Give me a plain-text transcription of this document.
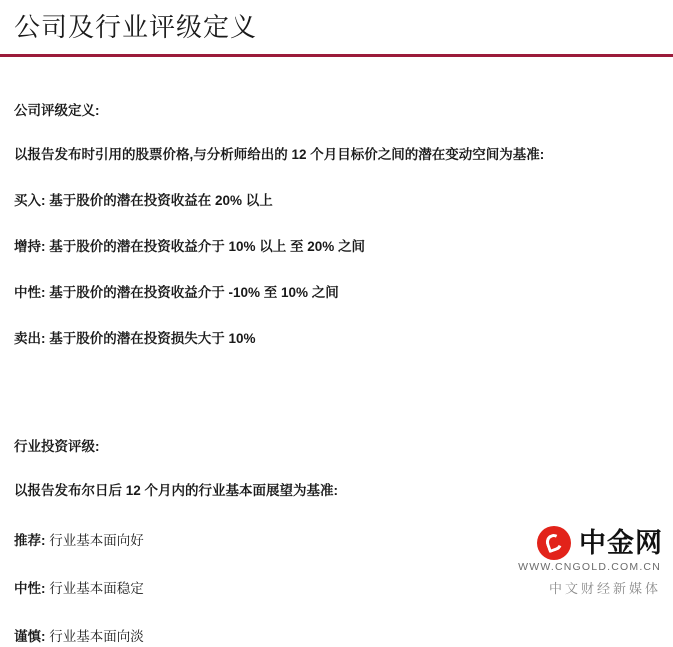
公司及行业评级定义
公司评级定义:
以报告发布时引用的股票价格,与分析师给出的 12 个月目标价之间的潜在变动空间为基准:
买入: 基于股价的潜在投资收益在 20% 以上
增持: 基于股价的潜在投资收益介于 10% 以上 至 20% 之间
中性: 基于股价的潜在投资收益介于 -10% 至 10% 之间
卖出: 基于股价的潜在投资损失大于 10%
行业投资评级:
以报告发布尔日后 12 个月内的行业基本面展望为基准:
推荐: 行业基本面向好
中性: 行业基本面稳定
谨慎: 行业基本面向淡
中金网
WWW.CNGOLD.COM.CN
中文财经新媒体
